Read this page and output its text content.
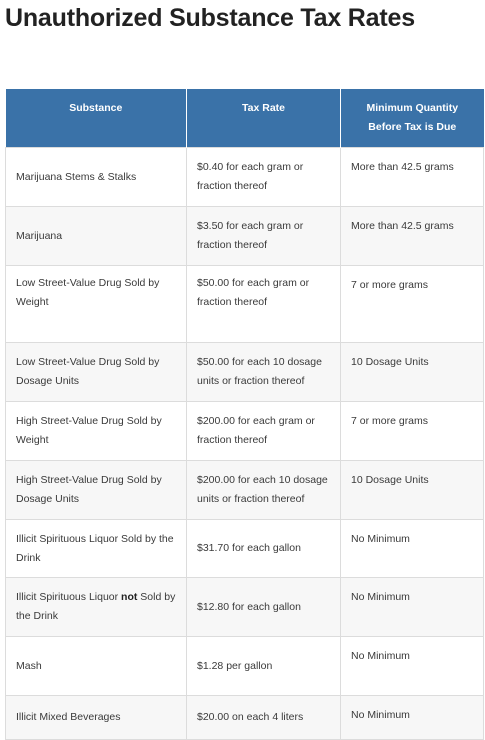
Unauthorized Substance Tax Rates
Substance	Tax Rate	Minimum Quantity
Before Tax is Due
Marijuana Stems & Stalks	$0.40 for each gram or fraction thereof	More than 42.5 grams
Marijuana	$3.50 for each gram or fraction thereof	More than 42.5 grams
Low Street-Value Drug Sold by Weight	$50.00 for each gram or fraction thereof	7 or more grams
Low Street-Value Drug Sold by Dosage Units	$50.00 for each 10 dosage units or fraction thereof	10 Dosage Units
High Street-Value Drug Sold by Weight	$200.00 for each gram or fraction thereof	7 or more grams
High Street-Value Drug Sold by Dosage Units	$200.00 for each 10 dosage units or fraction thereof	10 Dosage Units
Illicit Spirituous Liquor Sold by the Drink	$31.70 for each gallon	No Minimum
Illicit Spirituous Liquor not Sold by the Drink	$12.80 for each gallon	No Minimum
Mash	$1.28 per gallon	No Minimum
Illicit Mixed Beverages	$20.00 on each 4 liters	No Minimum
